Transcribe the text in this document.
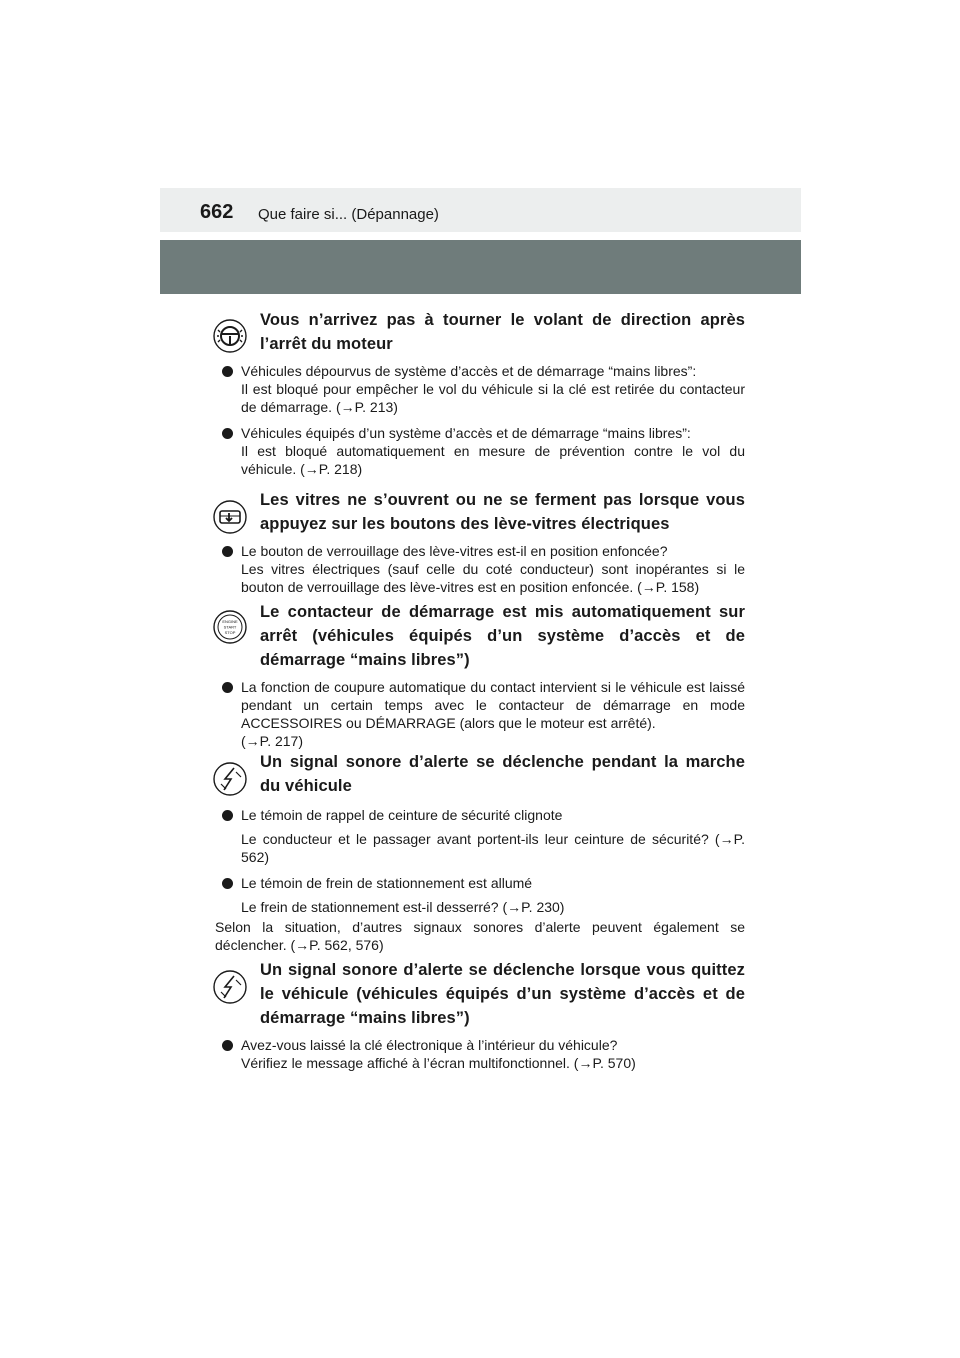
662 Que faire si... (Dépannage)

Vous n’arrivez pas à tourner le volant de direction après l’arrêt du moteur

Véhicules dépourvus de système d’accès et de démarrage “mains libres”:

Il est bloqué pour empêcher le vol du véhicule si la clé est retirée du contacteur de démarrage. (→P. 213)

Véhicules équipés d’un système d’accès et de démarrage “mains libres”:

Il est bloqué automatiquement en mesure de prévention contre le vol du véhicule. (→P. 218)

Les vitres ne s’ouvrent ou ne se ferment pas lorsque vous appuyez sur les boutons des lève-vitres électriques

Le bouton de verrouillage des lève-vitres est-il en position enfoncée?

Les vitres électriques (sauf celle du coté conducteur) sont inopérantes si le bouton de verrouillage des lève-vitres est en position enfoncée. (→P. 158)

ENGINE
START
STOP

Le contacteur de démarrage est mis automatiquement sur arrêt (véhicules équipés d’un système d’accès et de démarrage “mains libres”)

La fonction de coupure automatique du contact intervient si le véhicule est laissé pendant un certain temps avec le contacteur de démarrage en mode ACCESSOIRES ou DÉMARRAGE (alors que le moteur est arrêté).

(→P. 217)

Un signal sonore d’alerte se déclenche pendant la marche du véhicule

Le témoin de rappel de ceinture de sécurité clignote

Le conducteur et le passager avant portent-ils leur ceinture de sécurité? (→P. 562)

Le témoin de frein de stationnement est allumé

Le frein de stationnement est-il desserré? (→P. 230)

Selon la situation, d’autres signaux sonores d’alerte peuvent également se déclencher. (→P. 562, 576)

Un signal sonore d’alerte se déclenche lorsque vous quittez le véhicule (véhicules équipés d’un système d’accès et de démarrage “mains libres”)

Avez-vous laissé la clé électronique à l’intérieur du véhicule?

Vérifiez le message affiché à l’écran multifonctionnel. (→P. 570)
